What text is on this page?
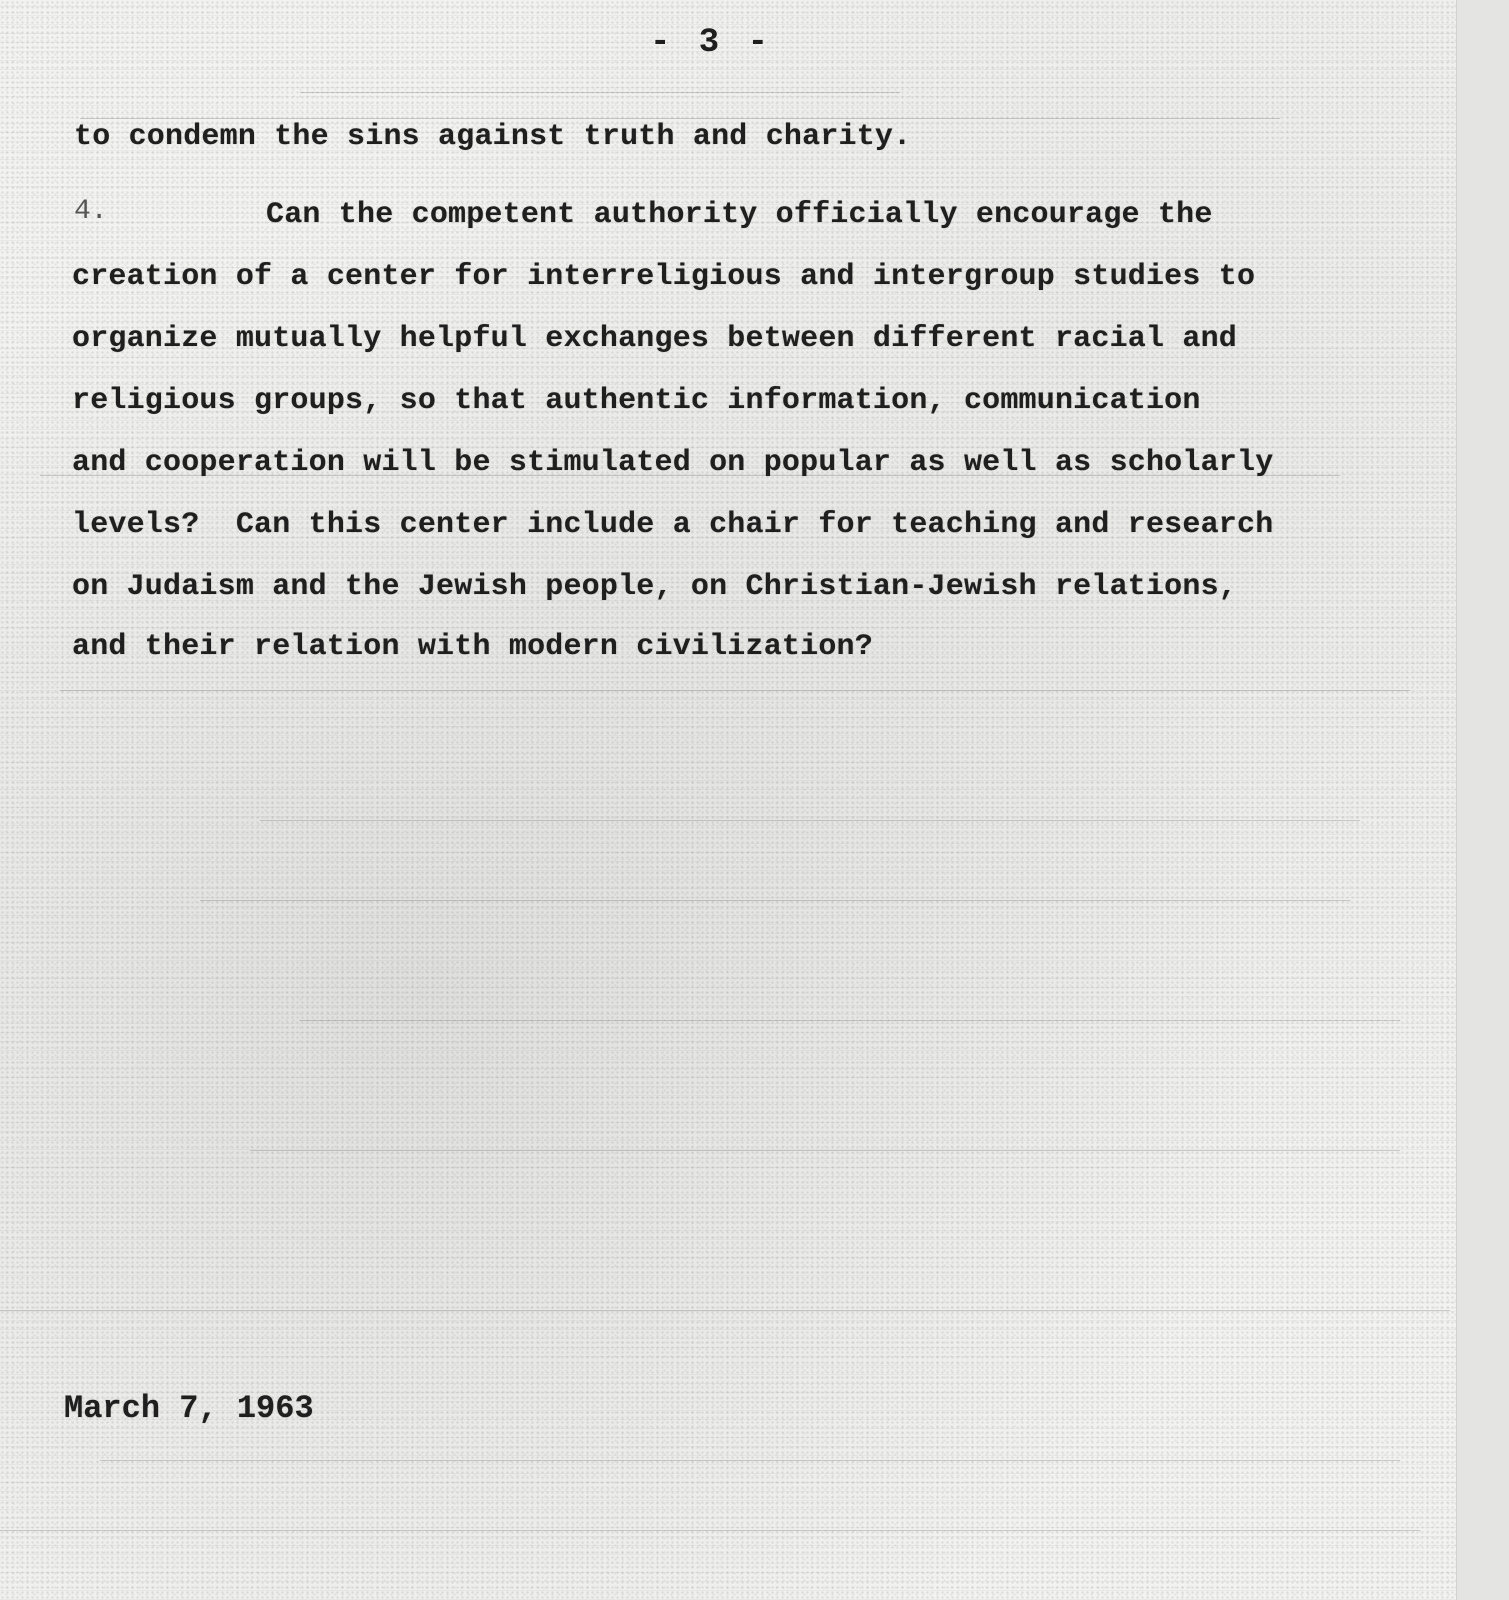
- 3 -
to condemn the sins against truth and charity.
4.	Can the competent authority officially encourage the
creation of a center for interreligious and intergroup studies to
organize mutually helpful exchanges between different racial and
religious groups, so that authentic information, communication
and cooperation will be stimulated on popular as well as scholarly
levels?  Can this center include a chair for teaching and research
on Judaism and the Jewish people, on Christian-Jewish relations,
and their relation with modern civilization?
March 7, 1963
